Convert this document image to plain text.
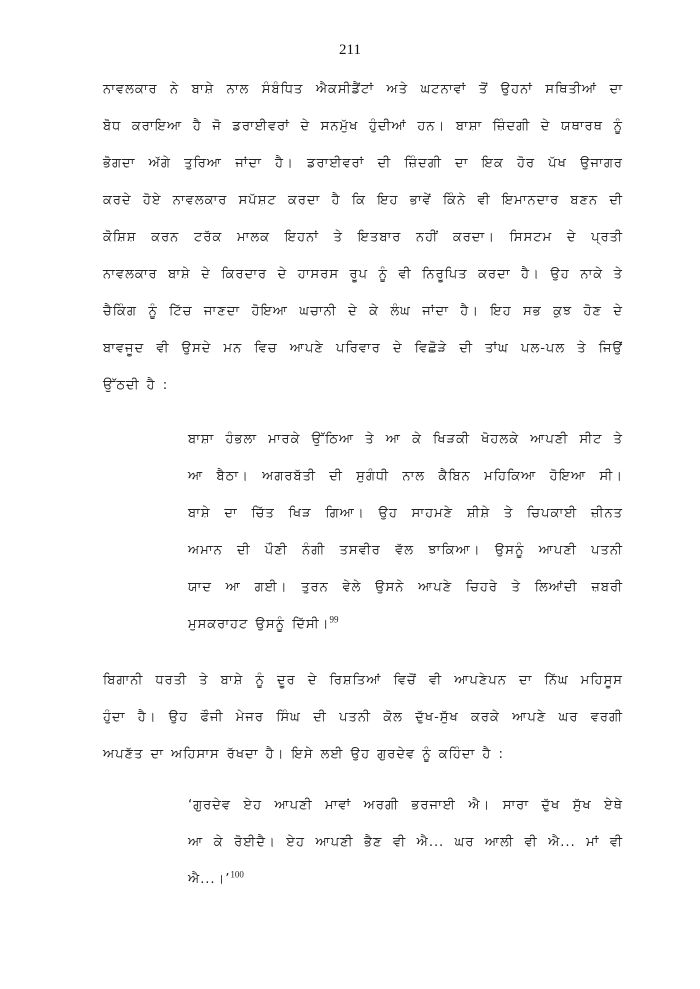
211
ਨਾਵਲਕਾਰ ਨੇ ਬਾਸ਼ੇ ਨਾਲ ਸੰਬੰਧਿਤ ਐਕਸੀਡੈਂਟਾਂ ਅਤੇ ਘਟਨਾਵਾਂ ਤੋਂ ਉਹਨਾਂ ਸਥਿਤੀਆਂ ਦਾ
ਬੋਧ ਕਰਾਇਆ ਹੈ ਜੋ ਡਰਾਈਵਰਾਂ ਦੇ ਸਨਮੁੱਖ ਹੁੰਦੀਆਂ ਹਨ। ਬਾਸ਼ਾ ਜ਼ਿੰਦਗੀ ਦੇ ਯਥਾਰਥ ਨੂੰ
ਭੋਗਦਾ ਅੱਗੇ ਤੁਰਿਆ ਜਾਂਦਾ ਹੈ। ਡਰਾਈਵਰਾਂ ਦੀ ਜ਼ਿੰਦਗੀ ਦਾ ਇਕ ਹੋਰ ਪੱਖ ਉਜਾਗਰ
ਕਰਦੇ ਹੋਏ ਨਾਵਲਕਾਰ ਸਪੱਸ਼ਟ ਕਰਦਾ ਹੈ ਕਿ ਇਹ ਭਾਵੇਂ ਕਿੰਨੇ ਵੀ ਇਮਾਨਦਾਰ ਬਣਨ ਦੀ
ਕੋਸ਼ਿਸ਼ ਕਰਨ ਟਰੱਕ ਮਾਲਕ ਇਹਨਾਂ ਤੇ ਇਤਬਾਰ ਨਹੀਂ ਕਰਦਾ। ਸਿਸਟਮ ਦੇ ਪ੍ਰਤੀ
ਨਾਵਲਕਾਰ ਬਾਸ਼ੇ ਦੇ ਕਿਰਦਾਰ ਦੇ ਹਾਸਰਸ ਰੂਪ ਨੂੰ ਵੀ ਨਿਰੂਪਿਤ ਕਰਦਾ ਹੈ। ਉਹ ਨਾਕੇ ਤੇ
ਚੈਕਿੰਗ ਨੂੰ ਟਿੱਚ ਜਾਣਦਾ ਹੋਇਆ ਘਚਾਨੀ ਦੇ ਕੇ ਲੰਘ ਜਾਂਦਾ ਹੈ। ਇਹ ਸਭ ਕੁਝ ਹੋਣ ਦੇ
ਬਾਵਜੂਦ ਵੀ ਉਸਦੇ ਮਨ ਵਿਚ ਆਪਣੇ ਪਰਿਵਾਰ ਦੇ ਵਿਛੋੜੇ ਦੀ ਤਾਂਘ ਪਲ-ਪਲ ਤੇ ਜਿਉਂ
ਉੱਠਦੀ ਹੈ :
ਬਾਸ਼ਾ ਹੰਭਲਾ ਮਾਰਕੇ ਉੱਠਿਆ ਤੇ ਆ ਕੇ ਖਿੜਕੀ ਖੋਹਲਕੇ ਆਪਣੀ ਸੀਟ ਤੇ
ਆ ਬੈਠਾ। ਅਗਰਬੱਤੀ ਦੀ ਸੁਗੰਧੀ ਨਾਲ ਕੈਬਿਨ ਮਹਿਕਿਆ ਹੋਇਆ ਸੀ।
ਬਾਸ਼ੇ ਦਾ ਚਿੱਤ ਖਿੜ ਗਿਆ। ਉਹ ਸਾਹਮਣੇ ਸ਼ੀਸ਼ੇ ਤੇ ਚਿਪਕਾਈ ਜ਼ੀਨਤ
ਅਮਾਨ ਦੀ ਪੌਣੀ ਨੰਗੀ ਤਸਵੀਰ ਵੱਲ ਝਾਕਿਆ। ਉਸਨੂੰ ਆਪਣੀ ਪਤਨੀ
ਯਾਦ ਆ ਗਈ। ਤੁਰਨ ਵੇਲੇ ਉਸਨੇ ਆਪਣੇ ਚਿਹਰੇ ਤੇ ਲਿਆਂਦੀ ਜ਼ਬਰੀ
ਮੁਸਕਰਾਹਟ ਉਸਨੂੰ ਦਿੱਸੀ।$^{99}$
ਬਿਗਾਨੀ ਧਰਤੀ ਤੇ ਬਾਸ਼ੇ ਨੂੰ ਦੂਰ ਦੇ ਰਿਸ਼ਤਿਆਂ ਵਿਚੋਂ ਵੀ ਆਪਣੇਪਨ ਦਾ ਨਿੱਘ ਮਹਿਸੂਸ
ਹੁੰਦਾ ਹੈ। ਉਹ ਫੌਜੀ ਮੇਜਰ ਸਿੰਘ ਦੀ ਪਤਨੀ ਕੋਲ ਦੁੱਖ-ਸੁੱਖ ਕਰਕੇ ਆਪਣੇ ਘਰ ਵਰਗੀ
ਅਪਣੱਤ ਦਾ ਅਹਿਸਾਸ ਰੱਖਦਾ ਹੈ। ਇਸੇ ਲਈ ਉਹ ਗੁਰਦੇਵ ਨੂੰ ਕਹਿੰਦਾ ਹੈ :
‘ਗੁਰਦੇਵ ਏਹ ਆਪਣੀ ਮਾਵਾਂ ਅਰਗੀ ਭਰਜਾਈ ਐ। ਸਾਰਾ ਦੁੱਖ ਸੁੱਖ ਏਥੇ
ਆ ਕੇ ਰੋਈਦੈ। ਏਹ ਆਪਣੀ ਭੈਣ ਵੀ ਐ... ਘਰ ਆਲੀ ਵੀ ਐ... ਮਾਂ ਵੀ
ਐ...।’$^{100}$
